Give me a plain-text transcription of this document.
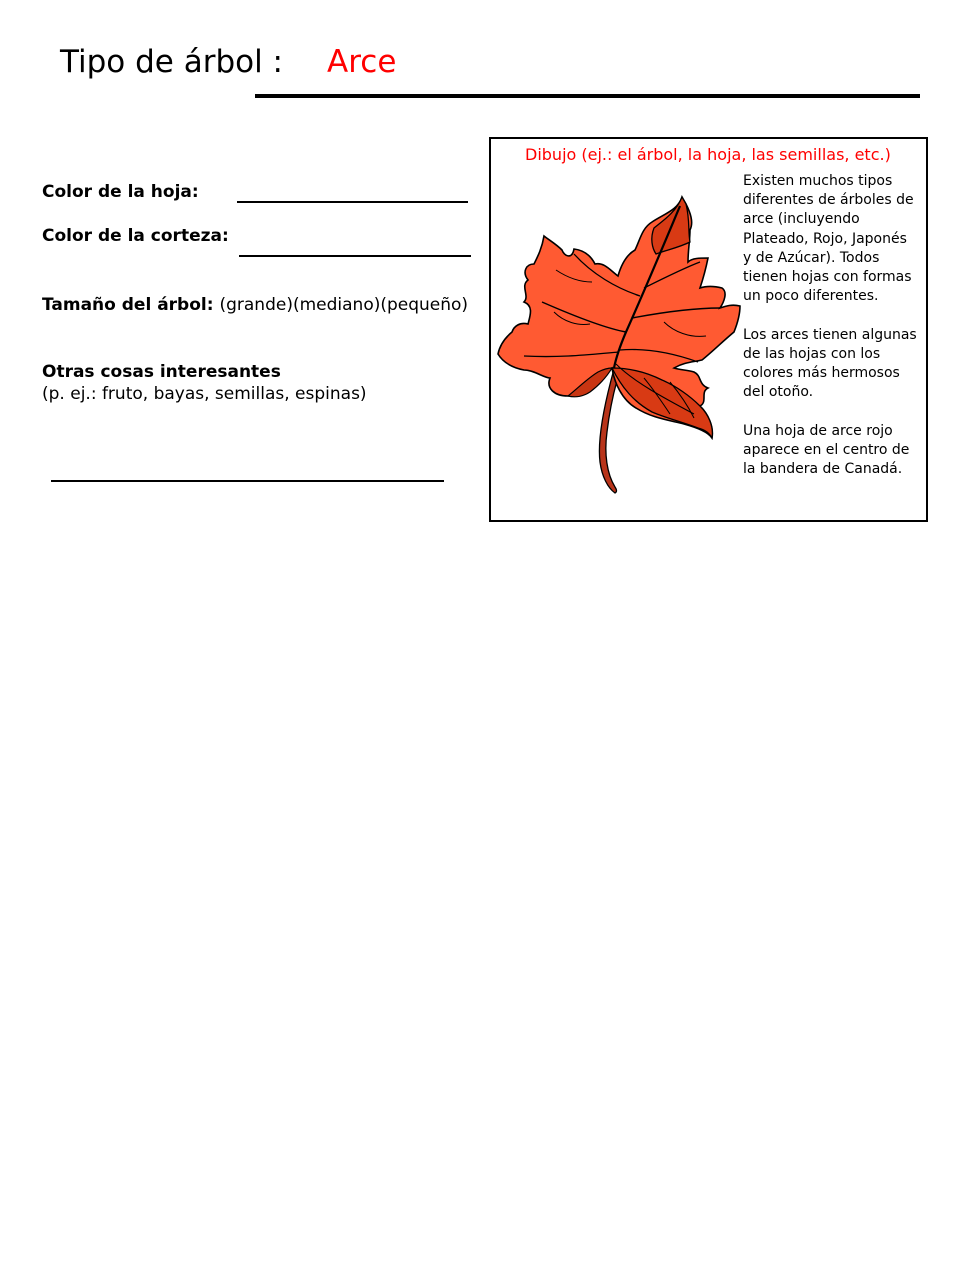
Tipo de árbol : Arce
Color de la hoja:
Color de la corteza:
Tamaño del árbol: (grande)(mediano)(pequeño)
Otras cosas interesantes
(p. ej.: fruto, bayas, semillas, espinas)
Dibujo (ej.: el árbol, la hoja, las semillas, etc.)

Existen muchos tipos diferentes de árboles de arce (incluyendo Plateado, Rojo, Japonés y de Azúcar). Todos tienen hojas con formas un poco diferentes.

Los arces tienen algunas de las hojas con los colores más hermosos del otoño.

Una hoja de arce rojo aparece en el centro de la bandera de Canadá.
